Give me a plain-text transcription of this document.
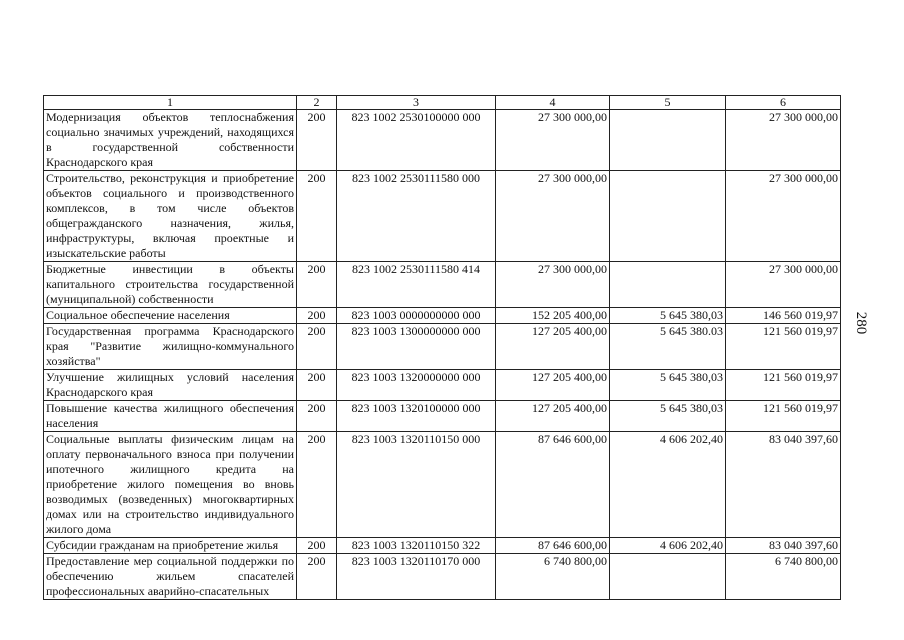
280
1	2	3	4	5	6
Модернизация объектов теплоснабжения социально значимых учреждений, находящихся в государственной собственности Краснодарского края	200	823 1002 2530100000 000	27 300 000,00		27 300 000,00
Строительство, реконструкция и приобретение объектов социального и производственного комплексов, в том числе объектов общегражданского назначения, жилья, инфраструктуры, включая проектные и изыскательские работы	200	823 1002 2530111580 000	27 300 000,00		27 300 000,00
Бюджетные инвестиции в объекты капитального строительства государственной (муниципальной) собственности	200	823 1002 2530111580 414	27 300 000,00		27 300 000,00
Социальное обеспечение населения	200	823 1003 0000000000 000	152 205 400,00	5 645 380,03	146 560 019,97
Государственная программа Краснодарского края "Развитие жилищно-коммунального хозяйства"	200	823 1003 1300000000 000	127 205 400,00	5 645 380.03	121 560 019,97
Улучшение жилищных условий населения Краснодарского края	200	823 1003 1320000000 000	127 205 400,00	5 645 380,03	121 560 019,97
Повышение качества жилищного обеспечения населения	200	823 1003 1320100000 000	127 205 400,00	5 645 380,03	121 560 019,97
Социальные выплаты физическим лицам на оплату первоначального взноса при получении ипотечного жилищного кредита на приобретение жилого помещения во вновь возводимых (возведенных) многоквартирных домах или на строительство индивидуального жилого дома	200	823 1003 1320110150 000	87 646 600,00	4 606 202,40	83 040 397,60
Субсидии гражданам на приобретение жилья	200	823 1003 1320110150 322	87 646 600,00	4 606 202,40	83 040 397,60
Предоставление мер социальной поддержки по обеспечению жильем спасателей профессиональных аварийно-спасательных	200	823 1003 1320110170 000	6 740 800,00		6 740 800,00
